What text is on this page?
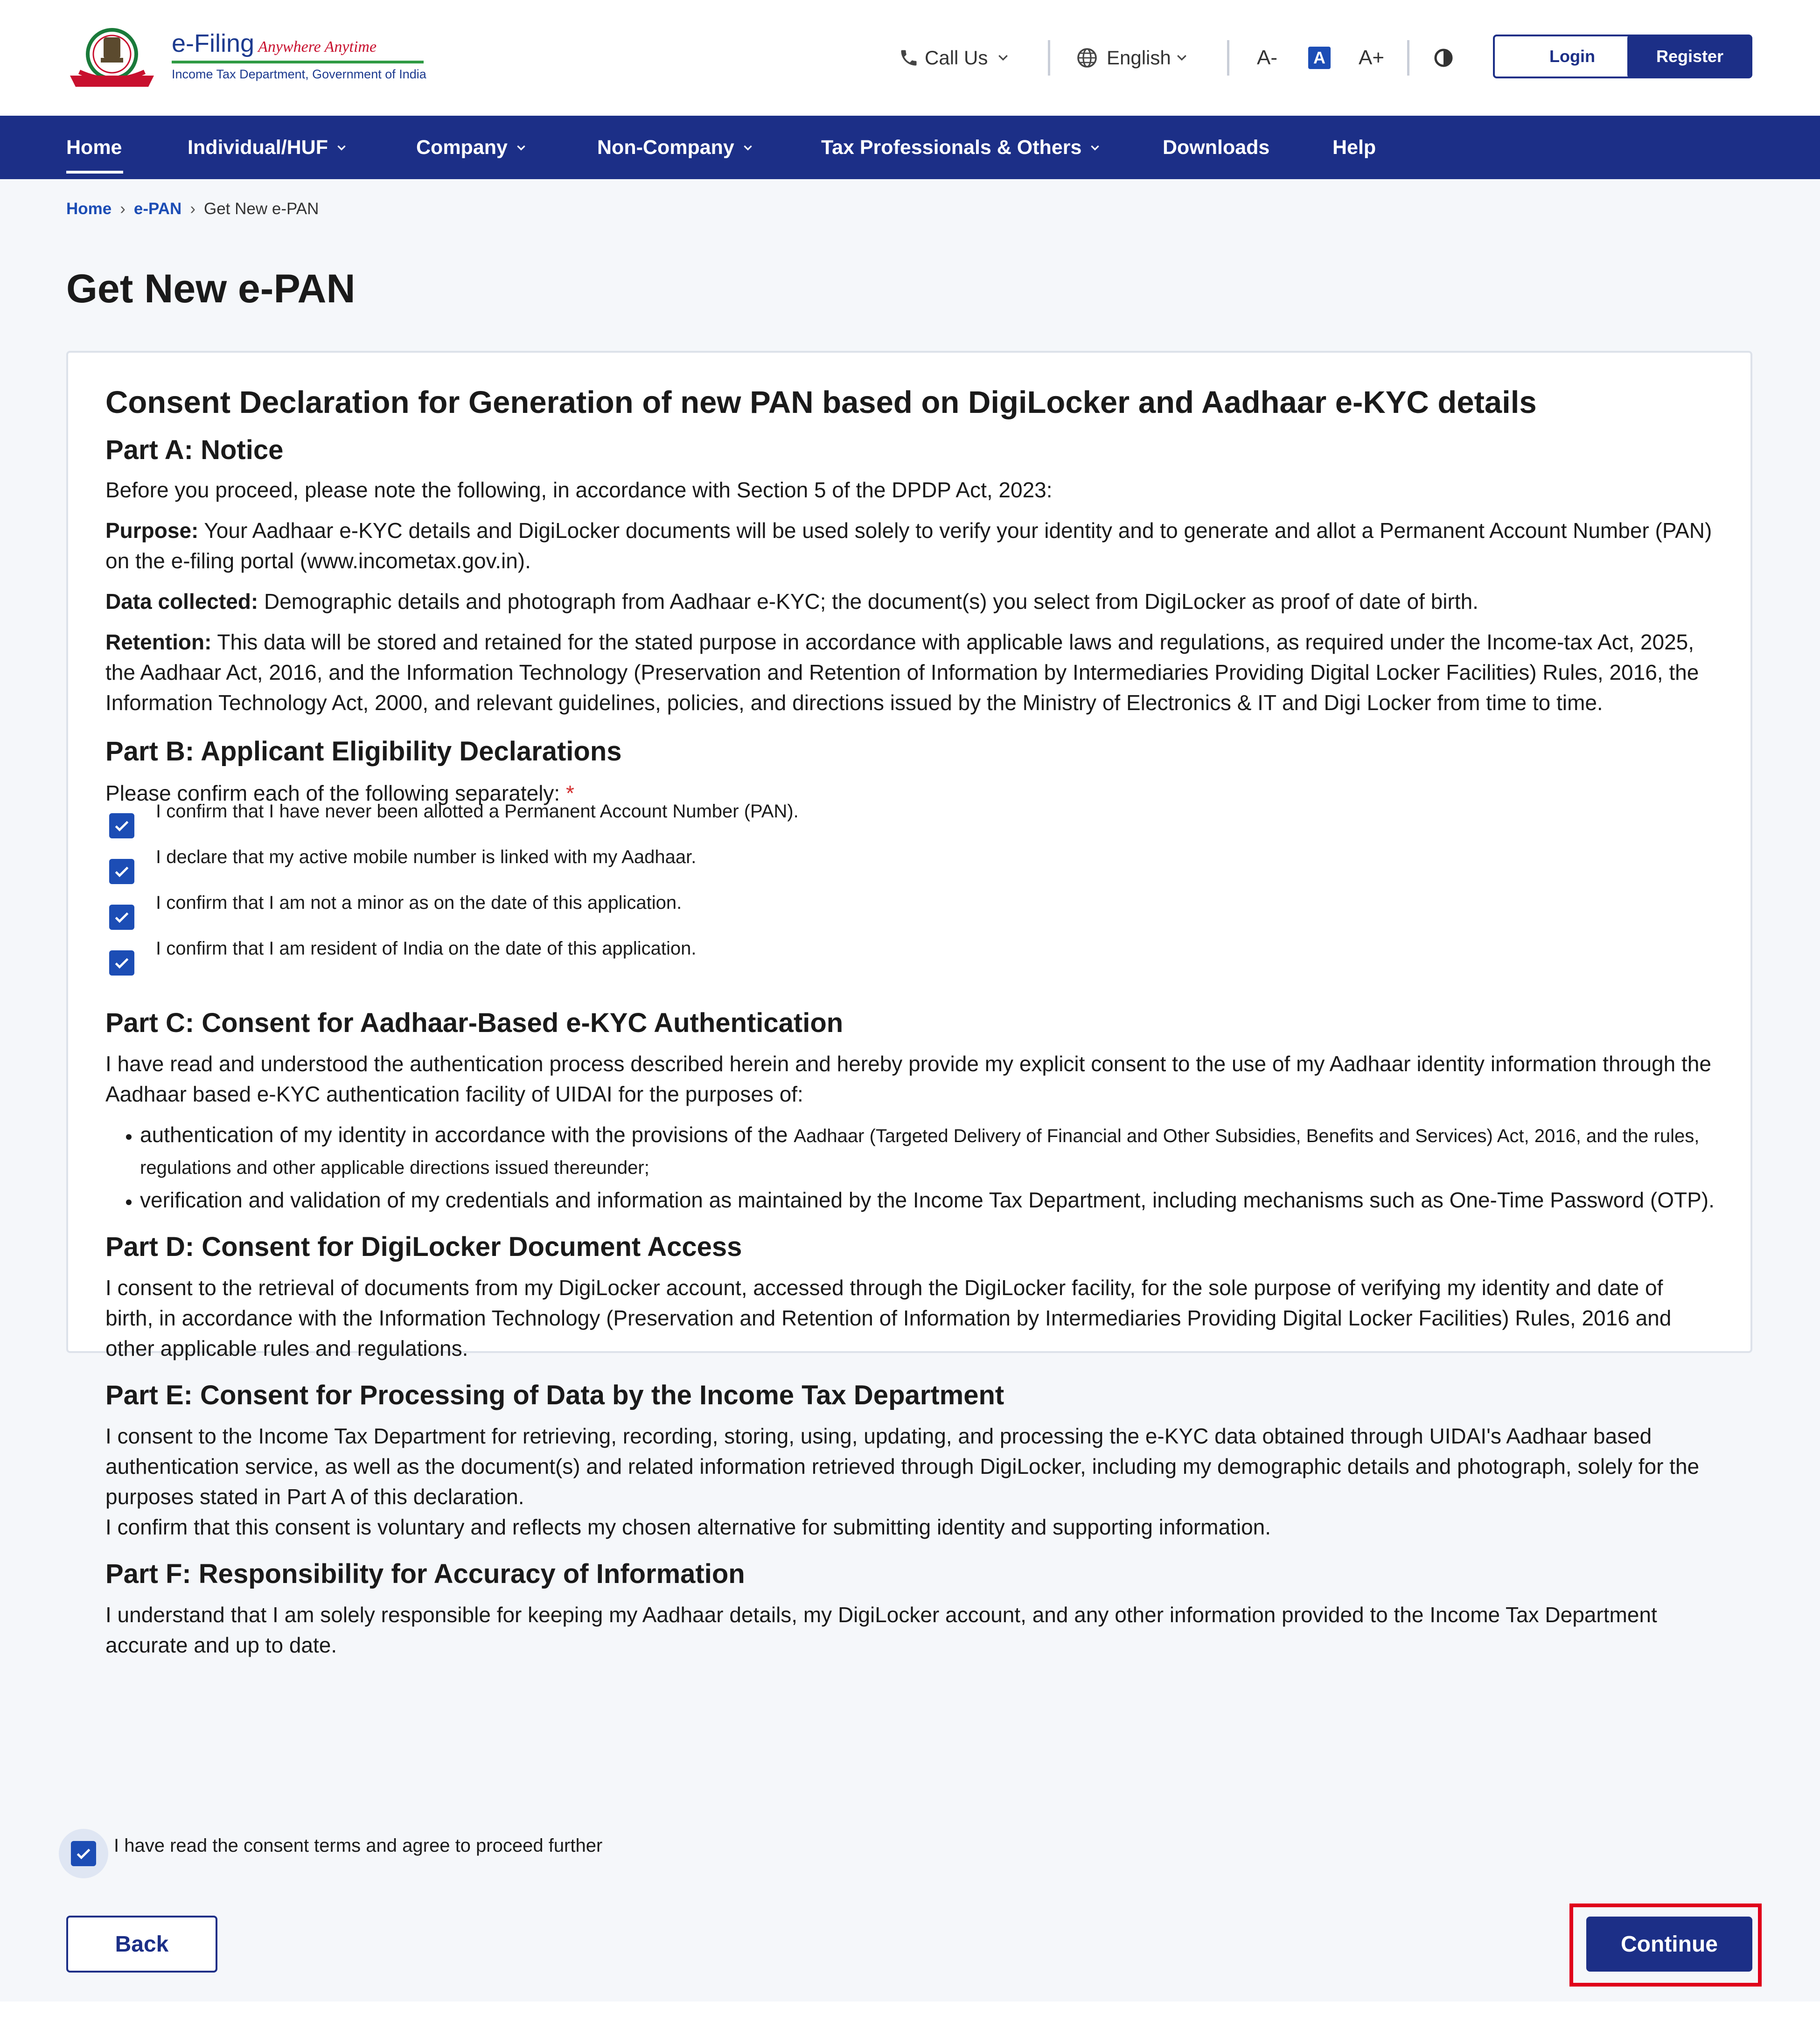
e-Filing Anywhere Anytime
Income Tax Department, Government of India
Call Us	English	A-	A A+	Login	Register
Home	Individual/HUF	Company	Non-Company	Tax Professionals & Others	Downloads	Help
Home › e-PAN › Get New e-PAN
Get New e-PAN
Consent Declaration for Generation of new PAN based on DigiLocker and Aadhaar e-KYC details
Part A: Notice

Before you proceed, please note the following, in accordance with Section 5 of the DPDP Act, 2023:

Purpose: Your Aadhaar e-KYC details and DigiLocker documents will be used solely to verify your identity and to generate and allot a Permanent Account Number (PAN) on the e-filing portal (www.incometax.gov.in).

Data collected: Demographic details and photograph from Aadhaar e-KYC; the document(s) you select from DigiLocker as proof of date of birth.

Retention: This data will be stored and retained for the stated purpose in accordance with applicable laws and regulations, as required under the Income-tax Act, 2025, the Aadhaar Act, 2016, and the Information Technology (Preservation and Retention of Information by Intermediaries Providing Digital Locker Facilities) Rules, 2016, the Information Technology Act, 2000, and relevant guidelines, policies, and directions issued by the Ministry of Electronics & IT and Digi Locker from time to time.

Part B: Applicant Eligibility Declarations

Please confirm each of the following separately: *

I confirm that I have never been allotted a Permanent Account Number (PAN).
I declare that my active mobile number is linked with my Aadhaar.
I confirm that I am not a minor as on the date of this application.
I confirm that I am resident of India on the date of this application.
Part C: Consent for Aadhaar-Based e-KYC Authentication

I have read and understood the authentication process described herein and hereby provide my explicit consent to the use of my Aadhaar identity information through the Aadhaar based e-KYC authentication facility of UIDAI for the purposes of:

• authentication of my identity in accordance with the provisions of the Aadhaar (Targeted Delivery of Financial and Other Subsidies, Benefits and Services) Act, 2016, and the rules, regulations and other applicable directions issued thereunder;
• verification and validation of my credentials and information as maintained by the Income Tax Department, including mechanisms such as One-Time Password (OTP).
Part D: Consent for DigiLocker Document Access

I consent to the retrieval of documents from my DigiLocker account, accessed through the DigiLocker facility, for the sole purpose of verifying my identity and date of birth, in accordance with the Information Technology (Preservation and Retention of Information by Intermediaries Providing Digital Locker Facilities) Rules, 2016 and other applicable rules and regulations.

Part E: Consent for Processing of Data by the Income Tax Department

I consent to the Income Tax Department for retrieving, recording, storing, using, updating, and processing the e-KYC data obtained through UIDAI's Aadhaar based authentication service, as well as the document(s) and related information retrieved through DigiLocker, including my demographic details and photograph, solely for the purposes stated in Part A of this declaration.

I confirm that this consent is voluntary and reflects my chosen alternative for submitting identity and supporting information.

Part F: Responsibility for Accuracy of Information

I understand that I am solely responsible for keeping my Aadhaar details, my DigiLocker account, and any other information provided to the Income Tax Department accurate and up to date.

I have read the consent terms and agree to proceed further
Back	Continue
